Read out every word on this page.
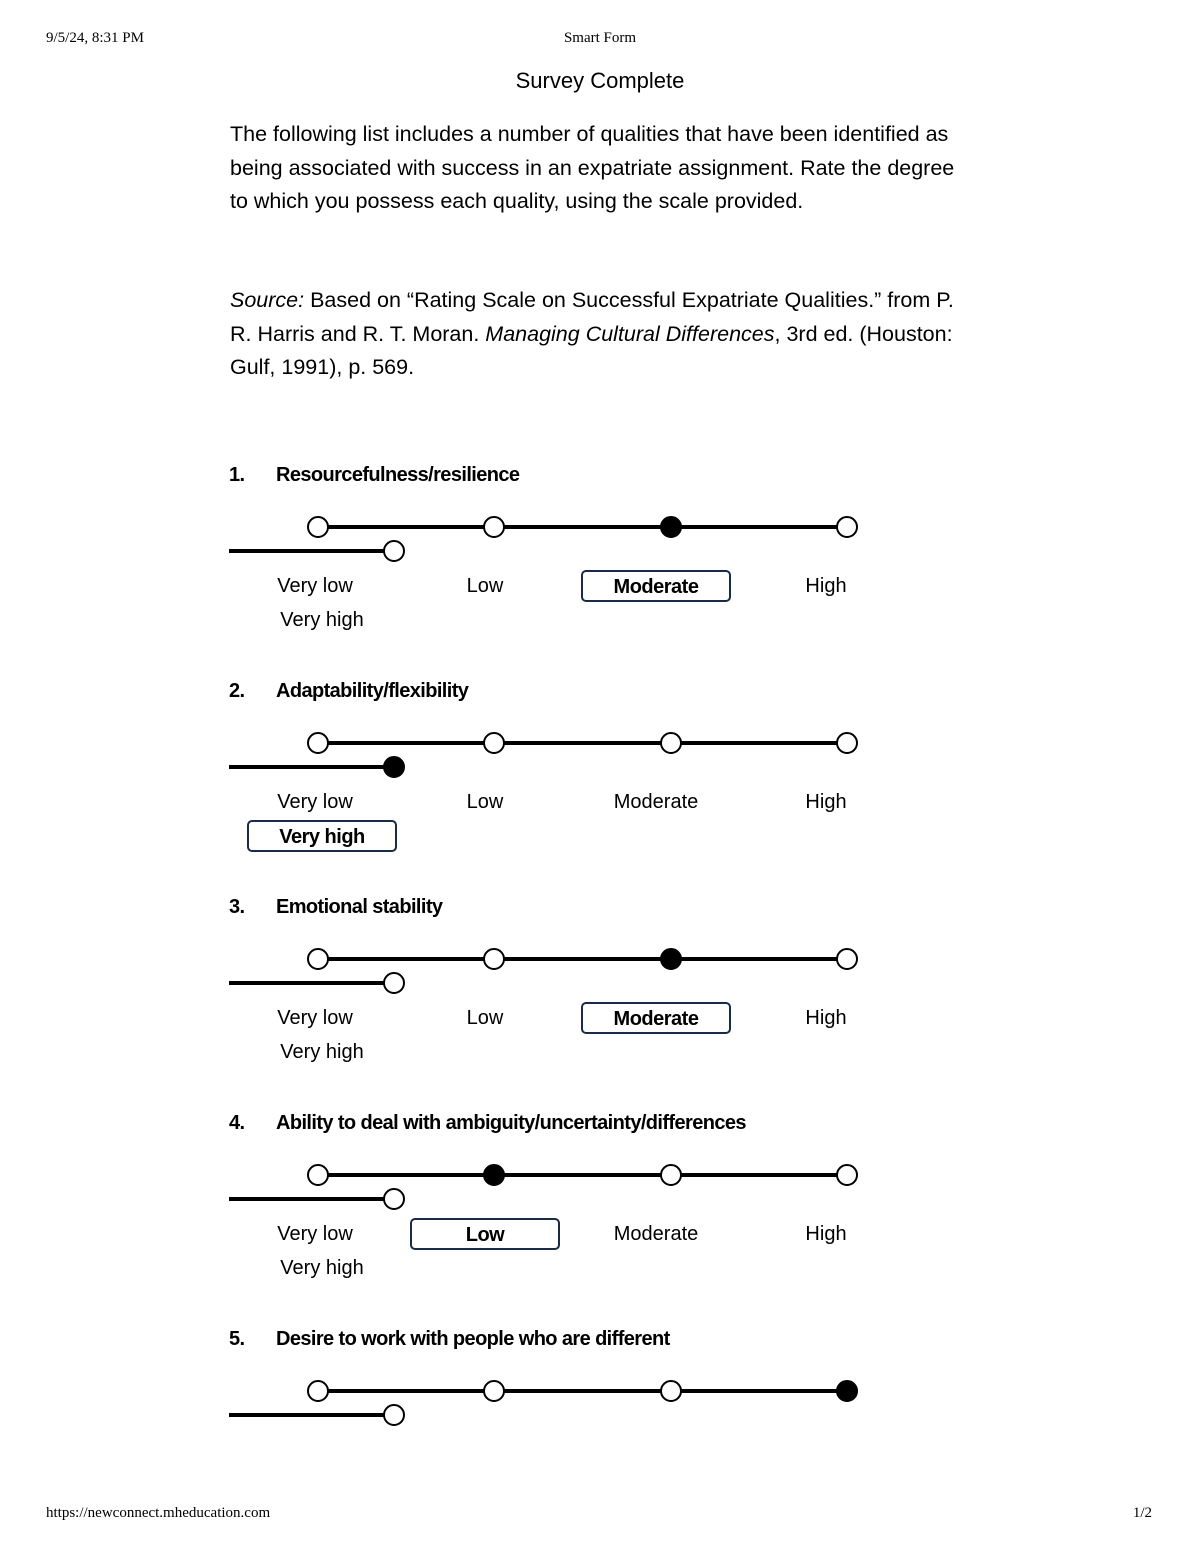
9/5/24, 8:31 PM	Smart Form
Survey Complete

The following list includes a number of qualities that have been identified as being associated with success in an expatriate assignment. Rate the degree to which you possess each quality, using the scale provided.

Source: Based on “Rating Scale on Successful Expatriate Qualities.” from P. R. Harris and R. T. Moran. Managing Cultural Differences, 3rd ed. (Houston: Gulf, 1991), p. 569.

1. Resourcefulness/resilience
Very low	Low	Moderate	High
Very high
2. Adaptability/flexibility
Very low	Low	Moderate	High
Very high
3. Emotional stability
Very low	Low	Moderate	High
Very high
4. Ability to deal with ambiguity/uncertainty/differences
Very low	Low	Moderate	High
Very high
5. Desire to work with people who are different
https://newconnect.mheducation.com	1/2
